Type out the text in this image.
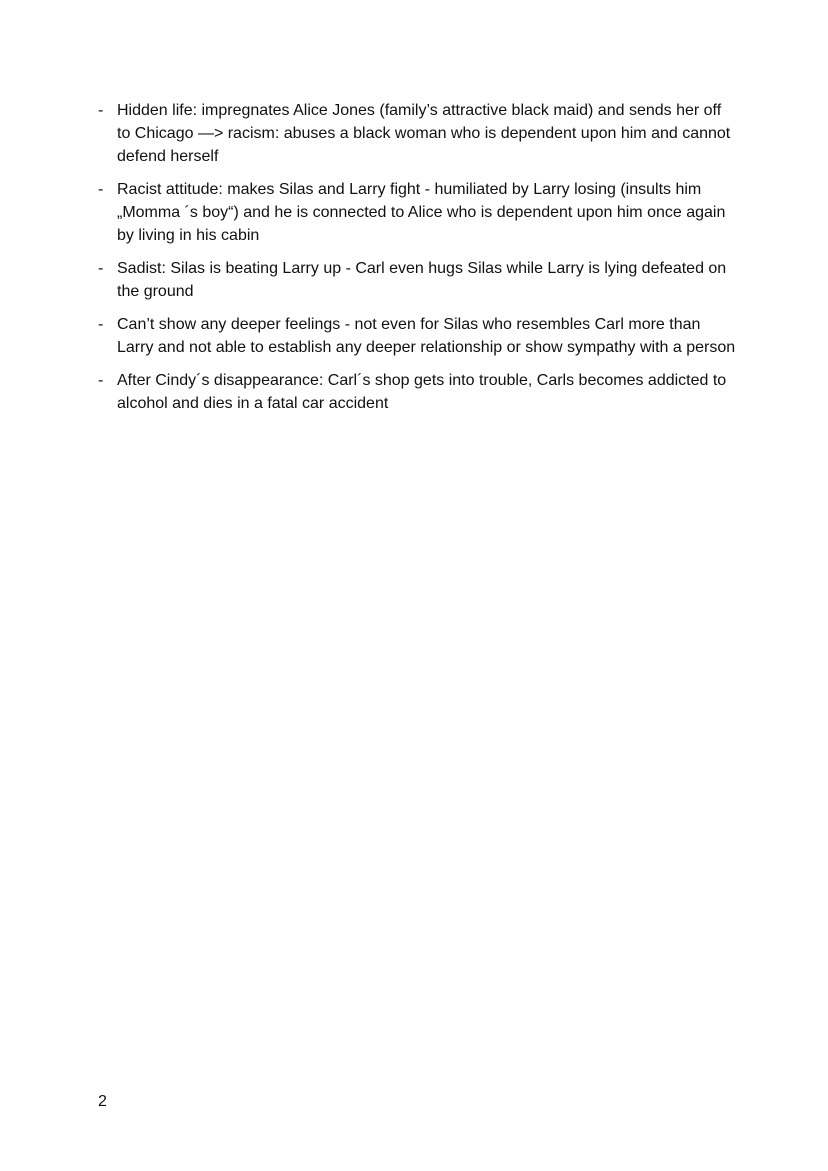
- Hidden life: impregnates Alice Jones (family’s attractive black maid) and sends her off to Chicago —> racism: abuses a black woman who is dependent upon him and cannot defend herself
- Racist attitude: makes Silas and Larry fight - humiliated by Larry losing (insults him „Momma ´s boy“) and he is connected to Alice who is dependent upon him once again by living in his cabin
- Sadist: Silas is beating Larry up - Carl even hugs Silas while Larry is lying defeated on the ground
- Can’t show any deeper feelings - not even for Silas who resembles Carl more than Larry and not able to establish any deeper relationship or show sympathy with a person
- After Cindy´s disappearance: Carl´s shop gets into trouble, Carls becomes addicted to alcohol and dies in a fatal car accident
2
